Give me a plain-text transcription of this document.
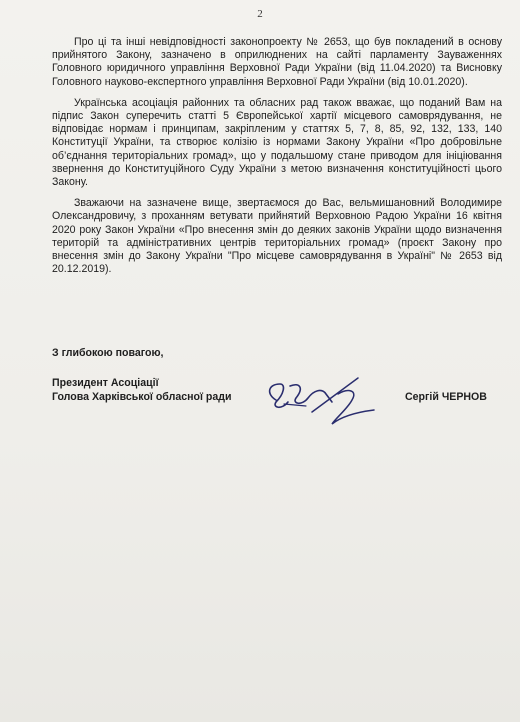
2

Про ці та інші невідповідності законопроекту № 2653, що був покладений в основу прийнятого Закону, зазначено в оприлюднених на сайті парламенту Зауваженнях Головного юридичного управління Верховної Ради України (від 11.04.2020) та Висновку Головного науково-експертного управління Верховної Ради України (від 10.01.2020).

Українська асоціація районних та обласних рад також вважає, що поданий Вам на підпис Закон суперечить статті 5 Європейської хартії місцевого самоврядування, не відповідає нормам і принципам, закріпленим у статтях 5, 7, 8, 85, 92, 132, 133, 140 Конституції України, та створює колізію із нормами Закону України «Про добровільне об’єднання територіальних громад», що у подальшому стане приводом для ініціювання звернення до Конституційного Суду України з метою визначення конституційності цього Закону.

Зважаючи на зазначене вище, звертаємося до Вас, вельмишановний Володимире Олександровичу, з проханням ветувати прийнятий Верховною Радою України 16 квітня 2020 року Закон України «Про внесення змін до деяких законів України щодо визначення територій та адміністративних центрів територіальних громад» (проєкт Закону про внесення змін до Закону України "Про місцеве самоврядування в Україні" № 2653 від 20.12.2019).

З глибокою повагою,
Президент Асоціації
Голова Харківської обласної ради	Сергій ЧЕРНОВ
